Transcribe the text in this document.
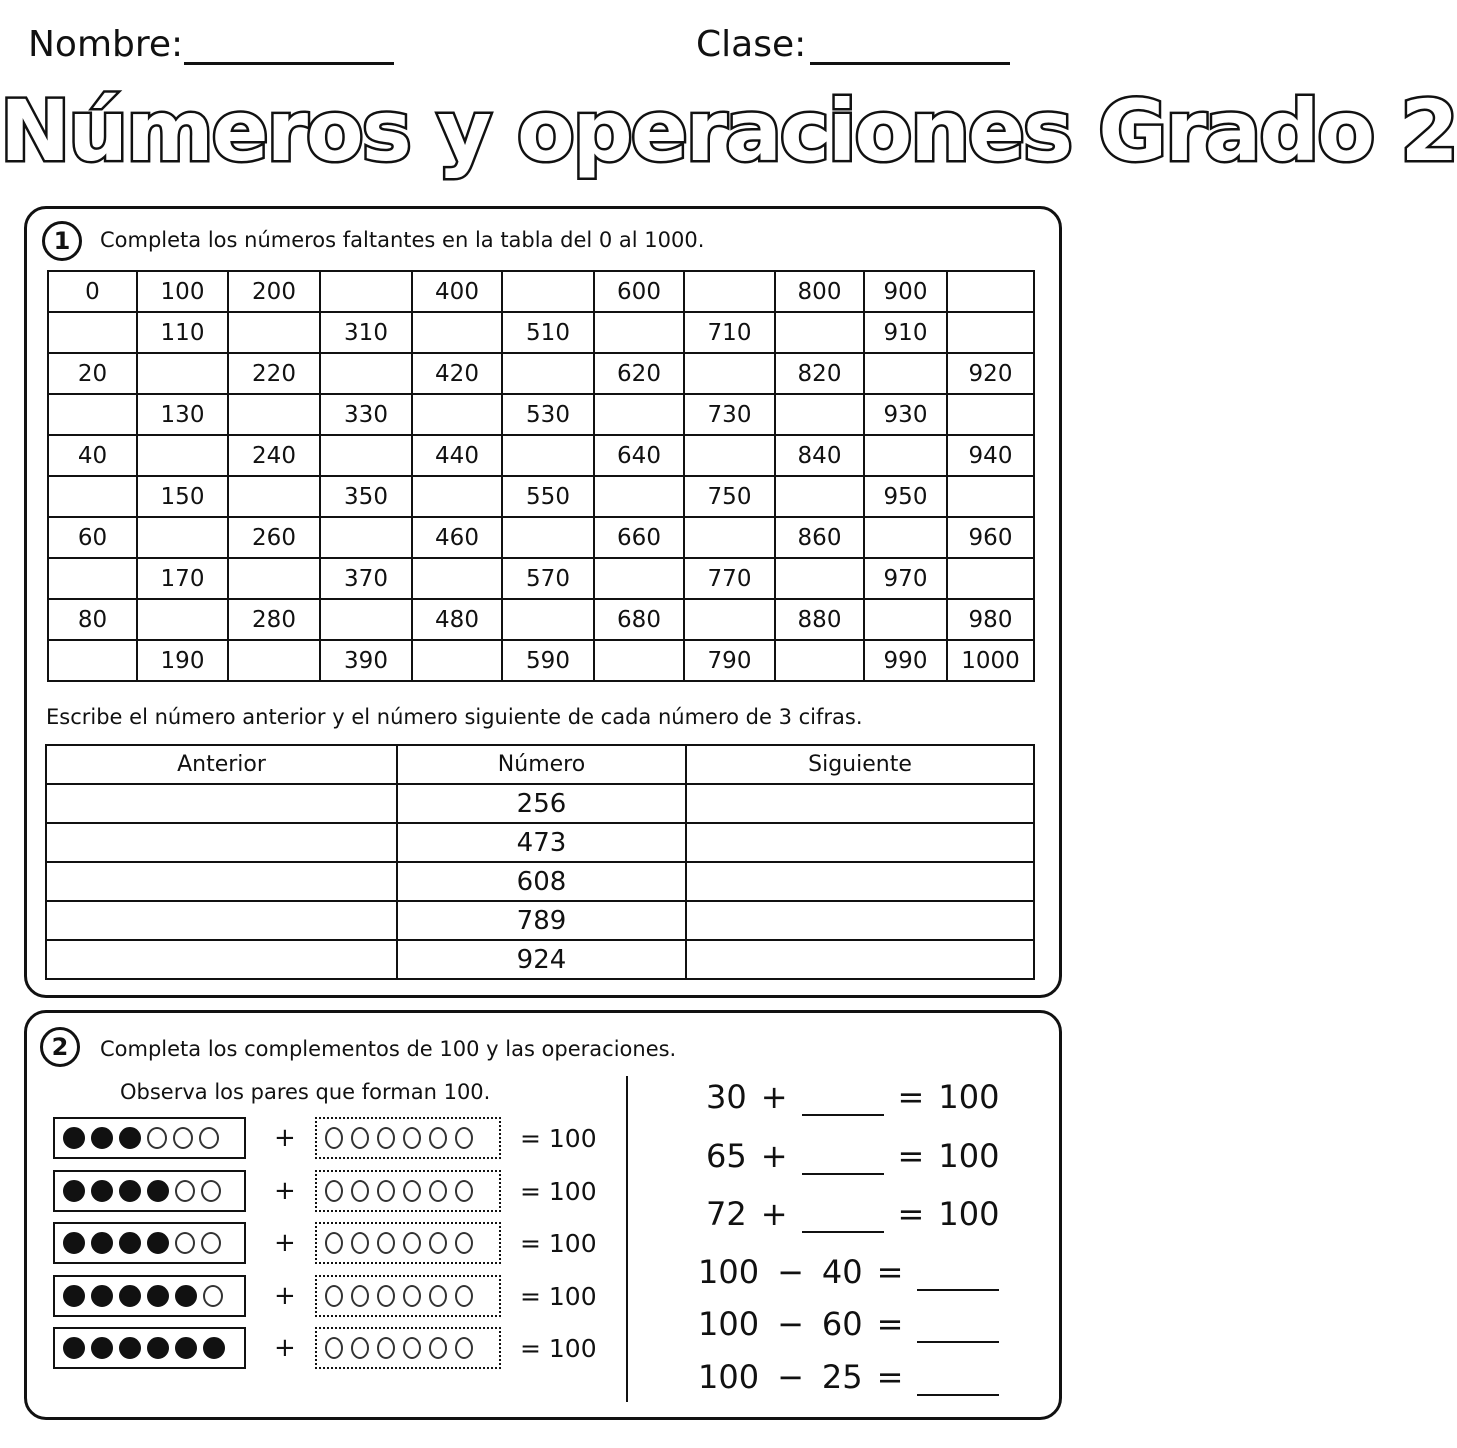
Nombre:	Clase:
Números y operaciones Grado 2
1	Completa los números faltantes en la tabla del 0 al 1000.
0	100	200		400		600		800	900	
	110		310		510		710		910	
20		220		420		620		820		920
	130		330		530		730		930	
40		240		440		640		840		940
	150		350		550		750		950	
60		260		460		660		860		960
	170		370		570		770		970	
80		280		480		680		880		980
	190		390		590		790		990	1000
Escribe el número anterior y el número siguiente de cada número de 3 cifras.
Anterior	Número	Siguiente
	256	
	473	
	608	
	789	
	924	
2	Completa los complementos de 100 y las operaciones.
Observa los pares que forman 100.
+	= 100
+	= 100
+	= 100
+	= 100
+	= 100
30 +	= 100
65 +	= 100
72 +	= 100
100 − 40 =
100 − 60 =
100 − 25 =
